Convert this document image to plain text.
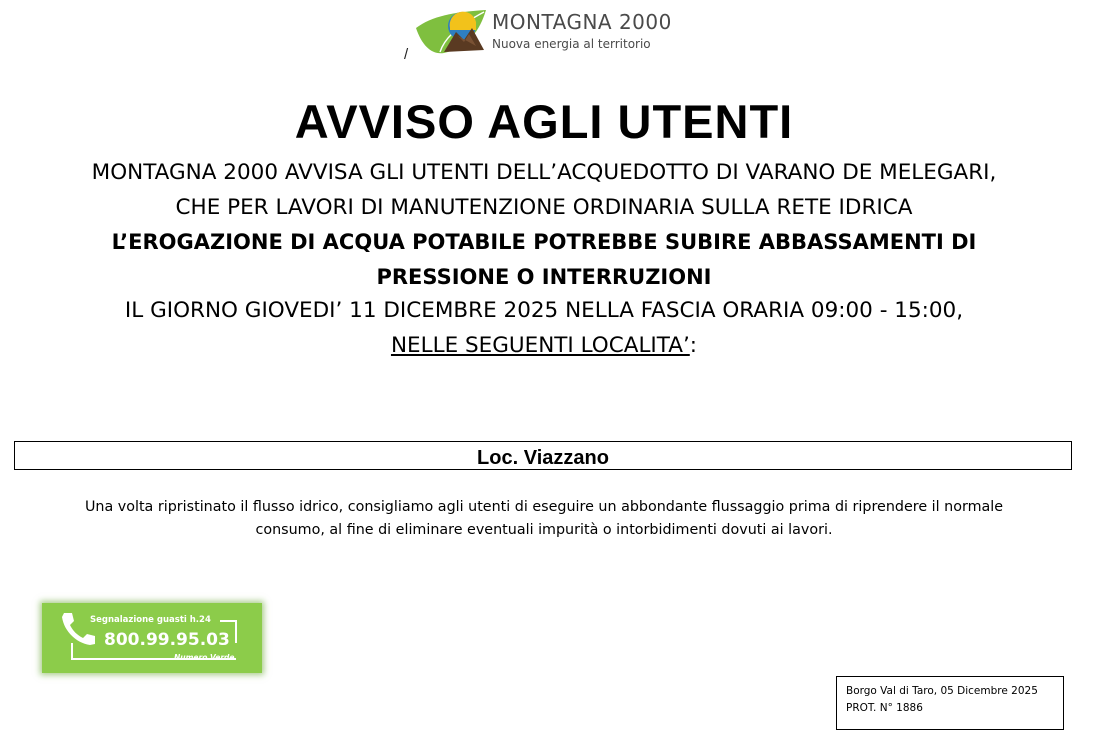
MONTAGNA 2000
Nuova energia al territorio
/
AVVISO AGLI UTENTI
MONTAGNA 2000 AVVISA GLI UTENTI DELL’ACQUEDOTTO DI VARANO DE MELEGARI,
CHE PER LAVORI DI MANUTENZIONE ORDINARIA SULLA RETE IDRICA
L’EROGAZIONE DI ACQUA POTABILE POTREBBE SUBIRE ABBASSAMENTI DI
PRESSIONE O INTERRUZIONI
IL GIORNO GIOVEDI’ 11 DICEMBRE 2025 NELLA FASCIA ORARIA 09:00 - 15:00,
NELLE SEGUENTI LOCALITA’:
Loc. Viazzano
Una volta ripristinato il flusso idrico, consigliamo agli utenti di eseguire un abbondante flussaggio prima di riprendere il normale
consumo, al fine di eliminare eventuali impurità o intorbidimenti dovuti ai lavori.
Segnalazione guasti h.24
800.99.95.03
Numero Verde
Borgo Val di Taro, 05 Dicembre 2025
PROT. N° 1886
